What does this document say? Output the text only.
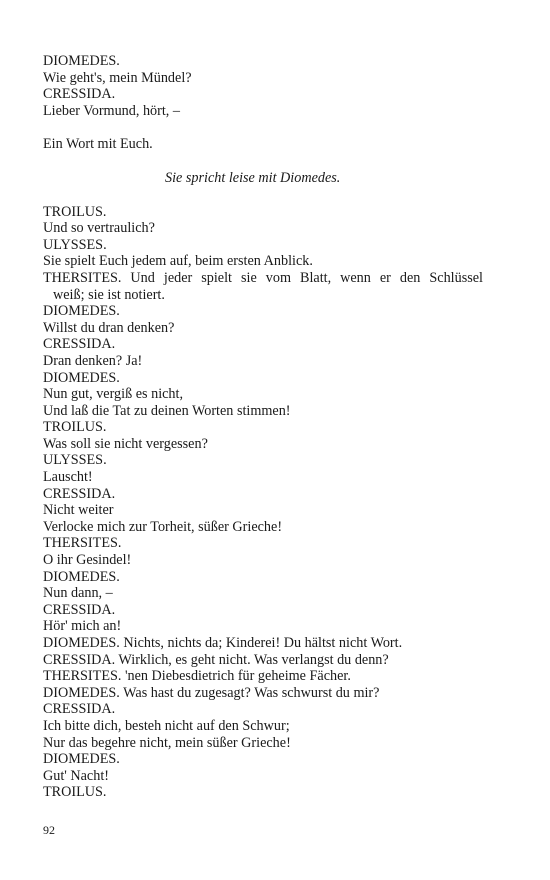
DIOMEDES.
Wie geht's, mein Mündel?
CRESSIDA.
Lieber Vormund, hört, –
Ein Wort mit Euch.
Sie spricht leise mit Diomedes.
TROILUS.
Und so vertraulich?
ULYSSES.
Sie spielt Euch jedem auf, beim ersten Anblick.
THERSITES. Und jeder spielt sie vom Blatt, wenn er den Schlüssel
weiß; sie ist notiert.
DIOMEDES.
Willst du dran denken?
CRESSIDA.
Dran denken? Ja!
DIOMEDES.
Nun gut, vergiß es nicht,
Und laß die Tat zu deinen Worten stimmen!
TROILUS.
Was soll sie nicht vergessen?
ULYSSES.
Lauscht!
CRESSIDA.
Nicht weiter
Verlocke mich zur Torheit, süßer Grieche!
THERSITES.
O ihr Gesindel!
DIOMEDES.
Nun dann, –
CRESSIDA.
Hör' mich an!
DIOMEDES. Nichts, nichts da; Kinderei! Du hältst nicht Wort.
CRESSIDA. Wirklich, es geht nicht. Was verlangst du denn?
THERSITES. 'nen Diebesdietrich für geheime Fächer.
DIOMEDES. Was hast du zugesagt? Was schwurst du mir?
CRESSIDA.
Ich bitte dich, besteh nicht auf den Schwur;
Nur das begehre nicht, mein süßer Grieche!
DIOMEDES.
Gut' Nacht!
TROILUS.
92
